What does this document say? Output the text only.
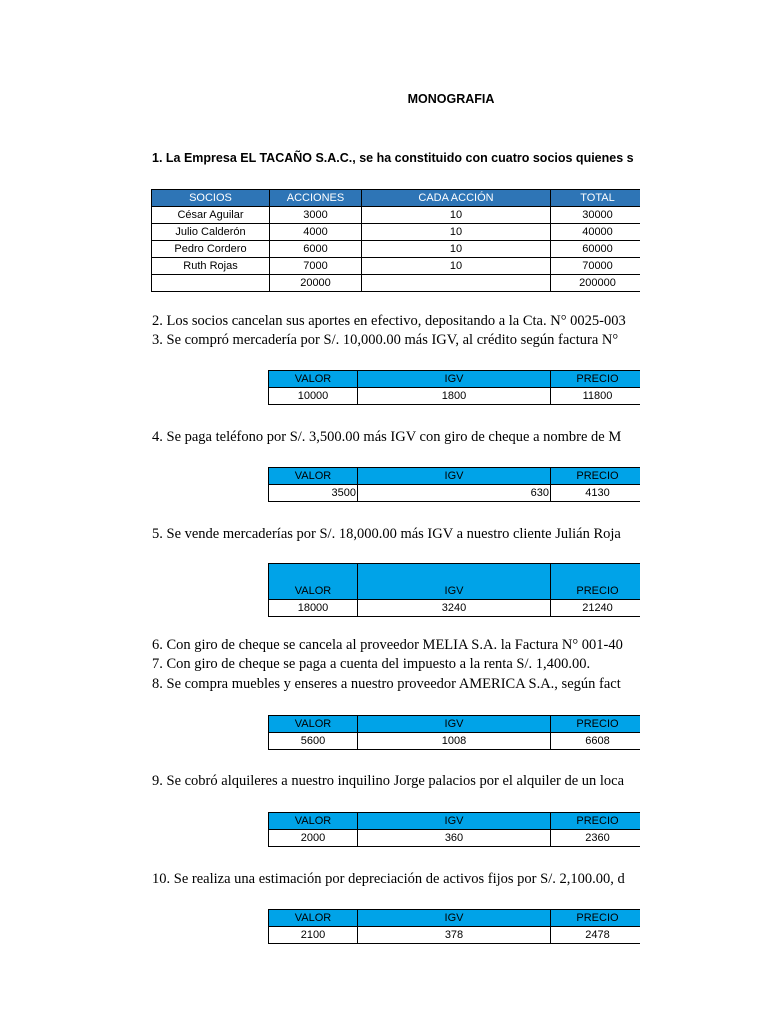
MONOGRAFIA
1. La Empresa EL TACAÑO S.A.C., se ha constituido con cuatro socios quienes s
SOCIOS	ACCIONES	CADA ACCIÓN	TOTAL
César Aguilar	3000	10	30000
Julio Calderón	4000	10	40000
Pedro Cordero	6000	10	60000
Ruth Rojas	7000	10	70000
	20000		200000
2. Los socios cancelan sus aportes en efectivo, depositando a la Cta. N° 0025-003
3. Se compró mercadería por S/. 10,000.00 más IGV, al crédito según factura N°
VALOR	IGV	PRECIO
10000	1800	11800
4. Se paga teléfono por S/. 3,500.00 más IGV con giro de cheque a nombre de M
VALOR	IGV	PRECIO
3500	630	4130
5. Se vende mercaderías por S/. 18,000.00 más IGV a nuestro cliente Julián Roja
VALOR	IGV	PRECIO
18000	3240	21240
6. Con giro de cheque se cancela al proveedor MELIA S.A. la Factura N° 001-40
7. Con giro de cheque se paga a cuenta del impuesto a la renta S/. 1,400.00.
8. Se compra muebles y enseres a nuestro proveedor AMERICA S.A., según fact
VALOR	IGV	PRECIO
5600	1008	6608
9. Se cobró alquileres a nuestro inquilino Jorge palacios por el alquiler de un loca
VALOR	IGV	PRECIO
2000	360	2360
10. Se realiza una estimación por depreciación de activos fijos por S/. 2,100.00, d
VALOR	IGV	PRECIO
2100	378	2478
